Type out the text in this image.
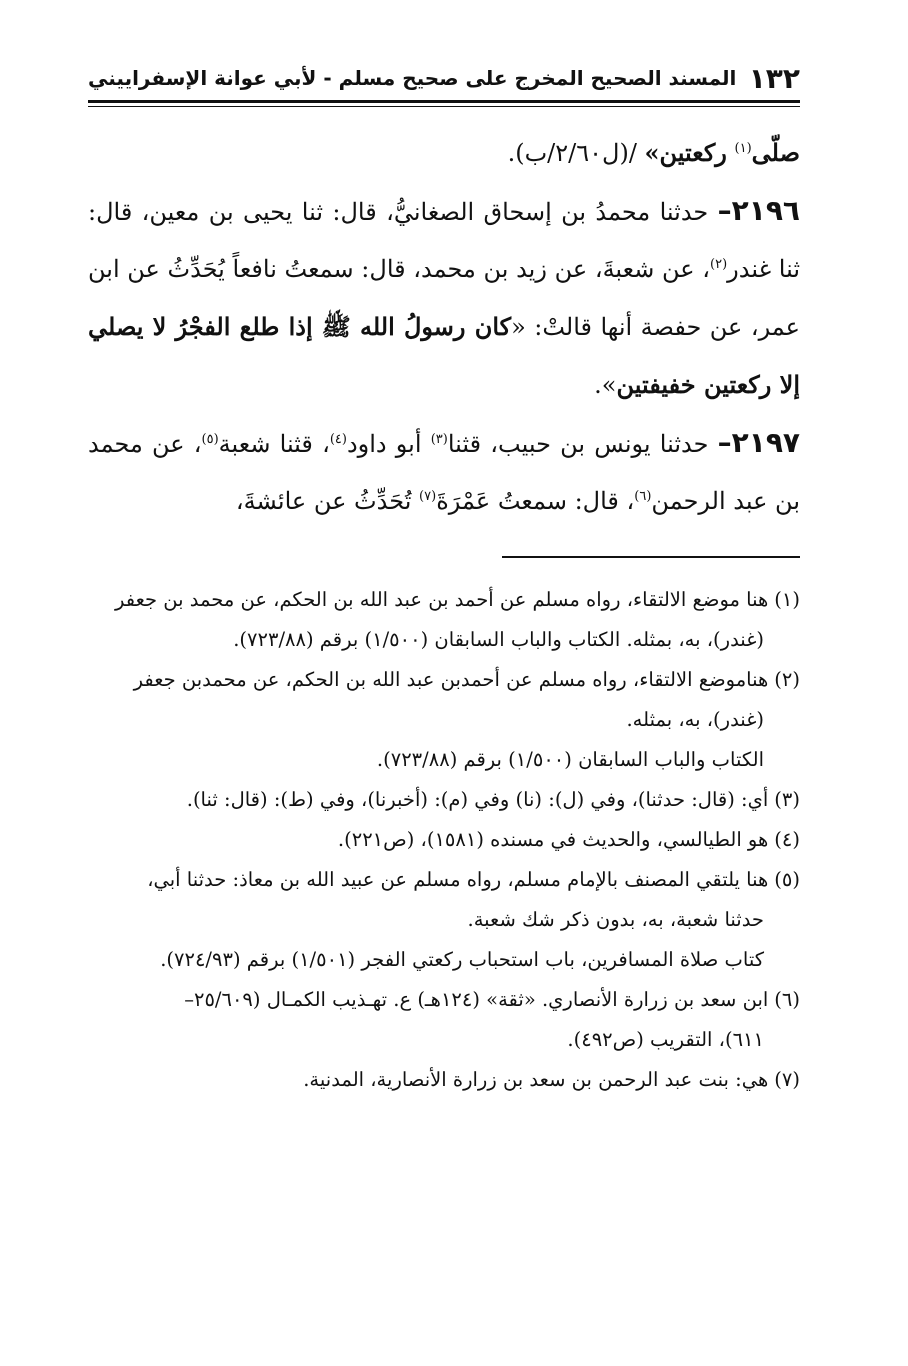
١٣٢
المسند الصحيح المخرج على صحيح مسلم - لأبي عوانة الإسفراييني

صلّى$^{(١)}$ ركعتين» /(ل٢/٦٠/ب).

٢١٩٦– حدثنا محمدُ بن إسحاق الصغانيُّ، قال: ثنا يحيى بن معين، قال: ثنا غندر$^{(٢)}$، عن شعبةَ، عن زيد بن محمد، قال: سمعتُ نافعاً يُحَدِّثُ عن ابن عمر، عن حفصة أنها قالتْ: «كان رسولُ الله ﷺ إذا طلع الفجْرُ لا يصلي إلا ركعتين خفيفتين».

٢١٩٧– حدثنا يونس بن حبيب، قثنا$^{(٣)}$ أبو داود$^{(٤)}$، قثنا شعبة$^{(٥)}$، عن محمد بن عبد الرحمن$^{(٦)}$، قال: سمعتُ عَمْرَةَ$^{(٧)}$ تُحَدِّثُ عن عائشةَ،

(١)هنا موضع الالتقاء، رواه مسلم عن أحمد بن عبد الله بن الحكم، عن محمد بن جعفر

(غندر)، به، بمثله. الكتاب والباب السابقان (١/٥٠٠) برقم (٧٢٣/٨٨).

(٢)هناموضع الالتقاء، رواه مسلم عن أحمدبن عبد الله بن الحكم، عن محمدبن جعفر

(غندر)، به، بمثله.

الكتاب والباب السابقان (١/٥٠٠) برقم (٧٢٣/٨٨).

(٣)أي: (قال: حدثنا)، وفي (ل): (نا) وفي (م): (أخبرنا)، وفي (ط): (قال: ثنا).

(٤)هو الطيالسي، والحديث في مسنده (١٥٨١)، (ص٢٢١).

(٥)هنا يلتقي المصنف بالإمام مسلم، رواه مسلم عن عبيد الله بن معاذ: حدثنا أبي،

حدثنا شعبة، به، بدون ذكر شك شعبة.

كتاب صلاة المسافرين، باب استحباب ركعتي الفجر (١/٥٠١) برقم (٧٢٤/٩٣).

(٦)ابن سعد بن زرارة الأنصاري. «ثقة» (١٢٤هـ) ع. تهـذيب الكمـال (٢٥/٦٠٩–

٦١١)، التقريب (ص٤٩٢).

(٧)هي: بنت عبد الرحمن بن سعد بن زرارة الأنصارية، المدنية.
